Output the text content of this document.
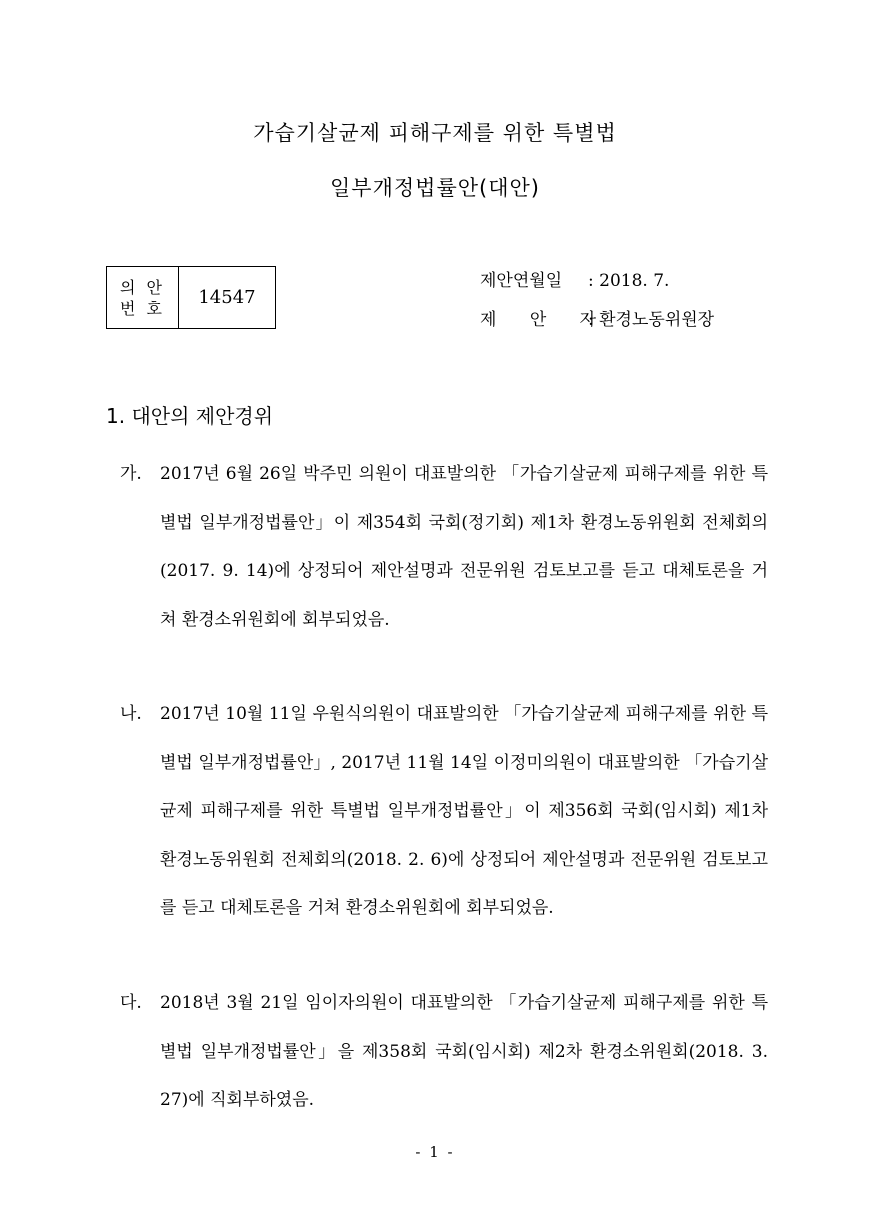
가습기살균제 피해구제를 위한 특별법
일부개정법률안(대안)
의 안
번 호	14547
제안연월일 : 2018. 7.
제 안 자: 환경노동위원장
1. 대안의 제안경위
가. 2017년 6월 26일 박주민 의원이 대표발의한 「가습기살균제 피해구제를 위한 특별법 일부개정법률안」이 제354회 국회(정기회) 제1차 환경노동위원회 전체회의(2017. 9. 14)에 상정되어 제안설명과 전문위원 검토보고를 듣고 대체토론을 거쳐 환경소위원회에 회부되었음.
나. 2017년 10월 11일 우원식의원이 대표발의한 「가습기살균제 피해구제를 위한 특별법 일부개정법률안」, 2017년 11월 14일 이정미의원이 대표발의한 「가습기살균제 피해구제를 위한 특별법 일부개정법률안」이 제356회 국회(임시회) 제1차 환경노동위원회 전체회의(2018. 2. 6)에 상정되어 제안설명과 전문위원 검토보고를 듣고 대체토론을 거쳐 환경소위원회에 회부되었음.
다. 2018년 3월 21일 임이자의원이 대표발의한 「가습기살균제 피해구제를 위한 특별법 일부개정법률안」을 제358회 국회(임시회) 제2차 환경소위원회(2018. 3. 27)에 직회부하였음.
- 1 -
